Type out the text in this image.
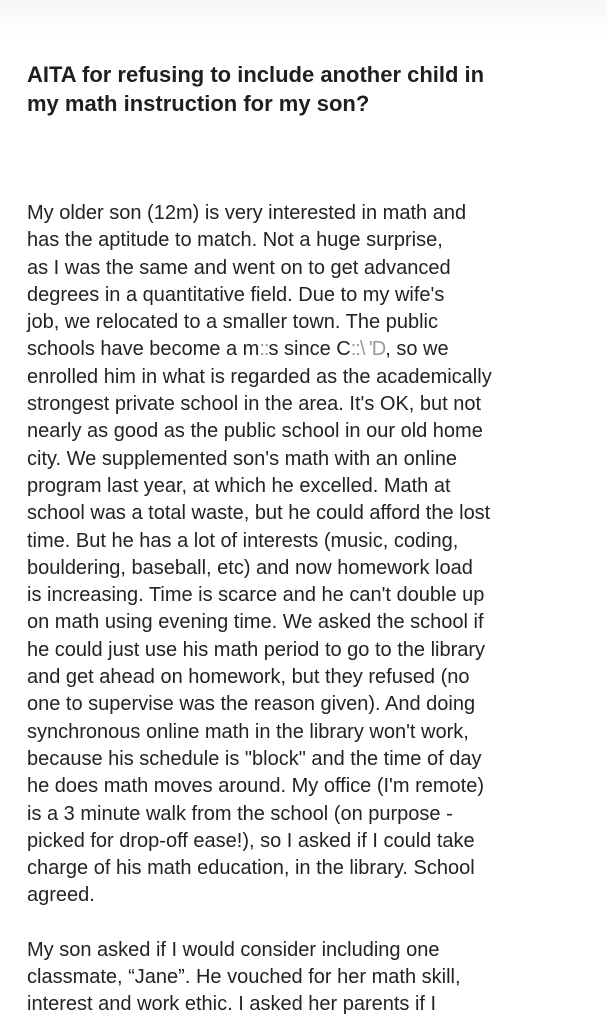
AITA for refusing to include another child in
my math instruction for my son?
My older son (12m) is very interested in math and
has the aptitude to match. Not a huge surprise,
as I was the same and went on to get advanced
degrees in a quantitative field. Due to my wife's
job, we relocated to a smaller town. The public
schools have become a m::s since C::\ 'D, so we
enrolled him in what is regarded as the academically
strongest private school in the area. It's OK, but not
nearly as good as the public school in our old home
city. We supplemented son's math with an online
program last year, at which he excelled. Math at
school was a total waste, but he could afford the lost
time. But he has a lot of interests (music, coding,
bouldering, baseball, etc) and now homework load
is increasing. Time is scarce and he can't double up
on math using evening time. We asked the school if
he could just use his math period to go to the library
and get ahead on homework, but they refused (no
one to supervise was the reason given). And doing
synchronous online math in the library won't work,
because his schedule is "block" and the time of day
he does math moves around. My office (I'm remote)
is a 3 minute walk from the school (on purpose -
picked for drop-off ease!), so I asked if I could take
charge of his math education, in the library. School
agreed.
My son asked if I would consider including one
classmate, “Jane”. He vouched for her math skill,
interest and work ethic. I asked her parents if I
